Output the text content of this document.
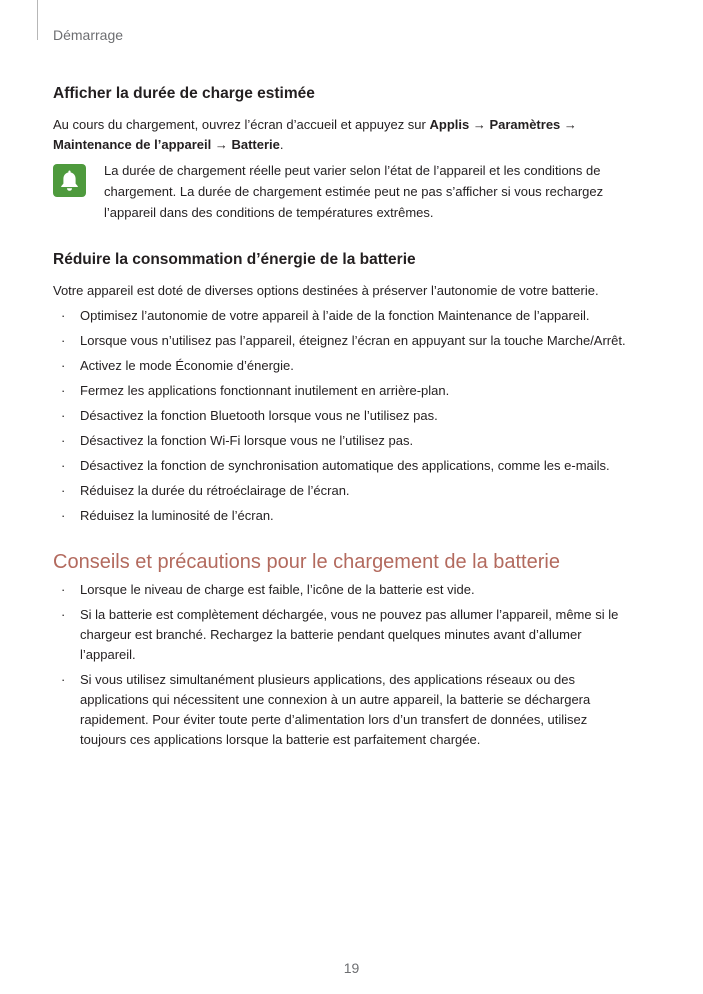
Démarrage
Afficher la durée de charge estimée

Au cours du chargement, ouvrez l’écran d’accueil et appuyez sur Applis → Paramètres → Maintenance de l’appareil → Batterie.

La durée de chargement réelle peut varier selon l’état de l’appareil et les conditions de chargement. La durée de chargement estimée peut ne pas s’afficher si vous rechargez l’appareil dans des conditions de températures extrêmes.
Réduire la consommation d’énergie de la batterie

Votre appareil est doté de diverses options destinées à préserver l’autonomie de votre batterie.

· Optimisez l’autonomie de votre appareil à l’aide de la fonction Maintenance de l’appareil.
· Lorsque vous n’utilisez pas l’appareil, éteignez l’écran en appuyant sur la touche Marche/Arrêt.
· Activez le mode Économie d’énergie.
· Fermez les applications fonctionnant inutilement en arrière-plan.
· Désactivez la fonction Bluetooth lorsque vous ne l’utilisez pas.
· Désactivez la fonction Wi-Fi lorsque vous ne l’utilisez pas.
· Désactivez la fonction de synchronisation automatique des applications, comme les e-mails.
· Réduisez la durée du rétroéclairage de l’écran.
· Réduisez la luminosité de l’écran.
Conseils et précautions pour le chargement de la batterie
· Lorsque le niveau de charge est faible, l’icône de la batterie est vide.
· Si la batterie est complètement déchargée, vous ne pouvez pas allumer l’appareil, même si le chargeur est branché. Rechargez la batterie pendant quelques minutes avant d’allumer l’appareil.
· Si vous utilisez simultanément plusieurs applications, des applications réseaux ou des applications qui nécessitent une connexion à un autre appareil, la batterie se déchargera rapidement. Pour éviter toute perte d’alimentation lors d’un transfert de données, utilisez toujours ces applications lorsque la batterie est parfaitement chargée.
19
